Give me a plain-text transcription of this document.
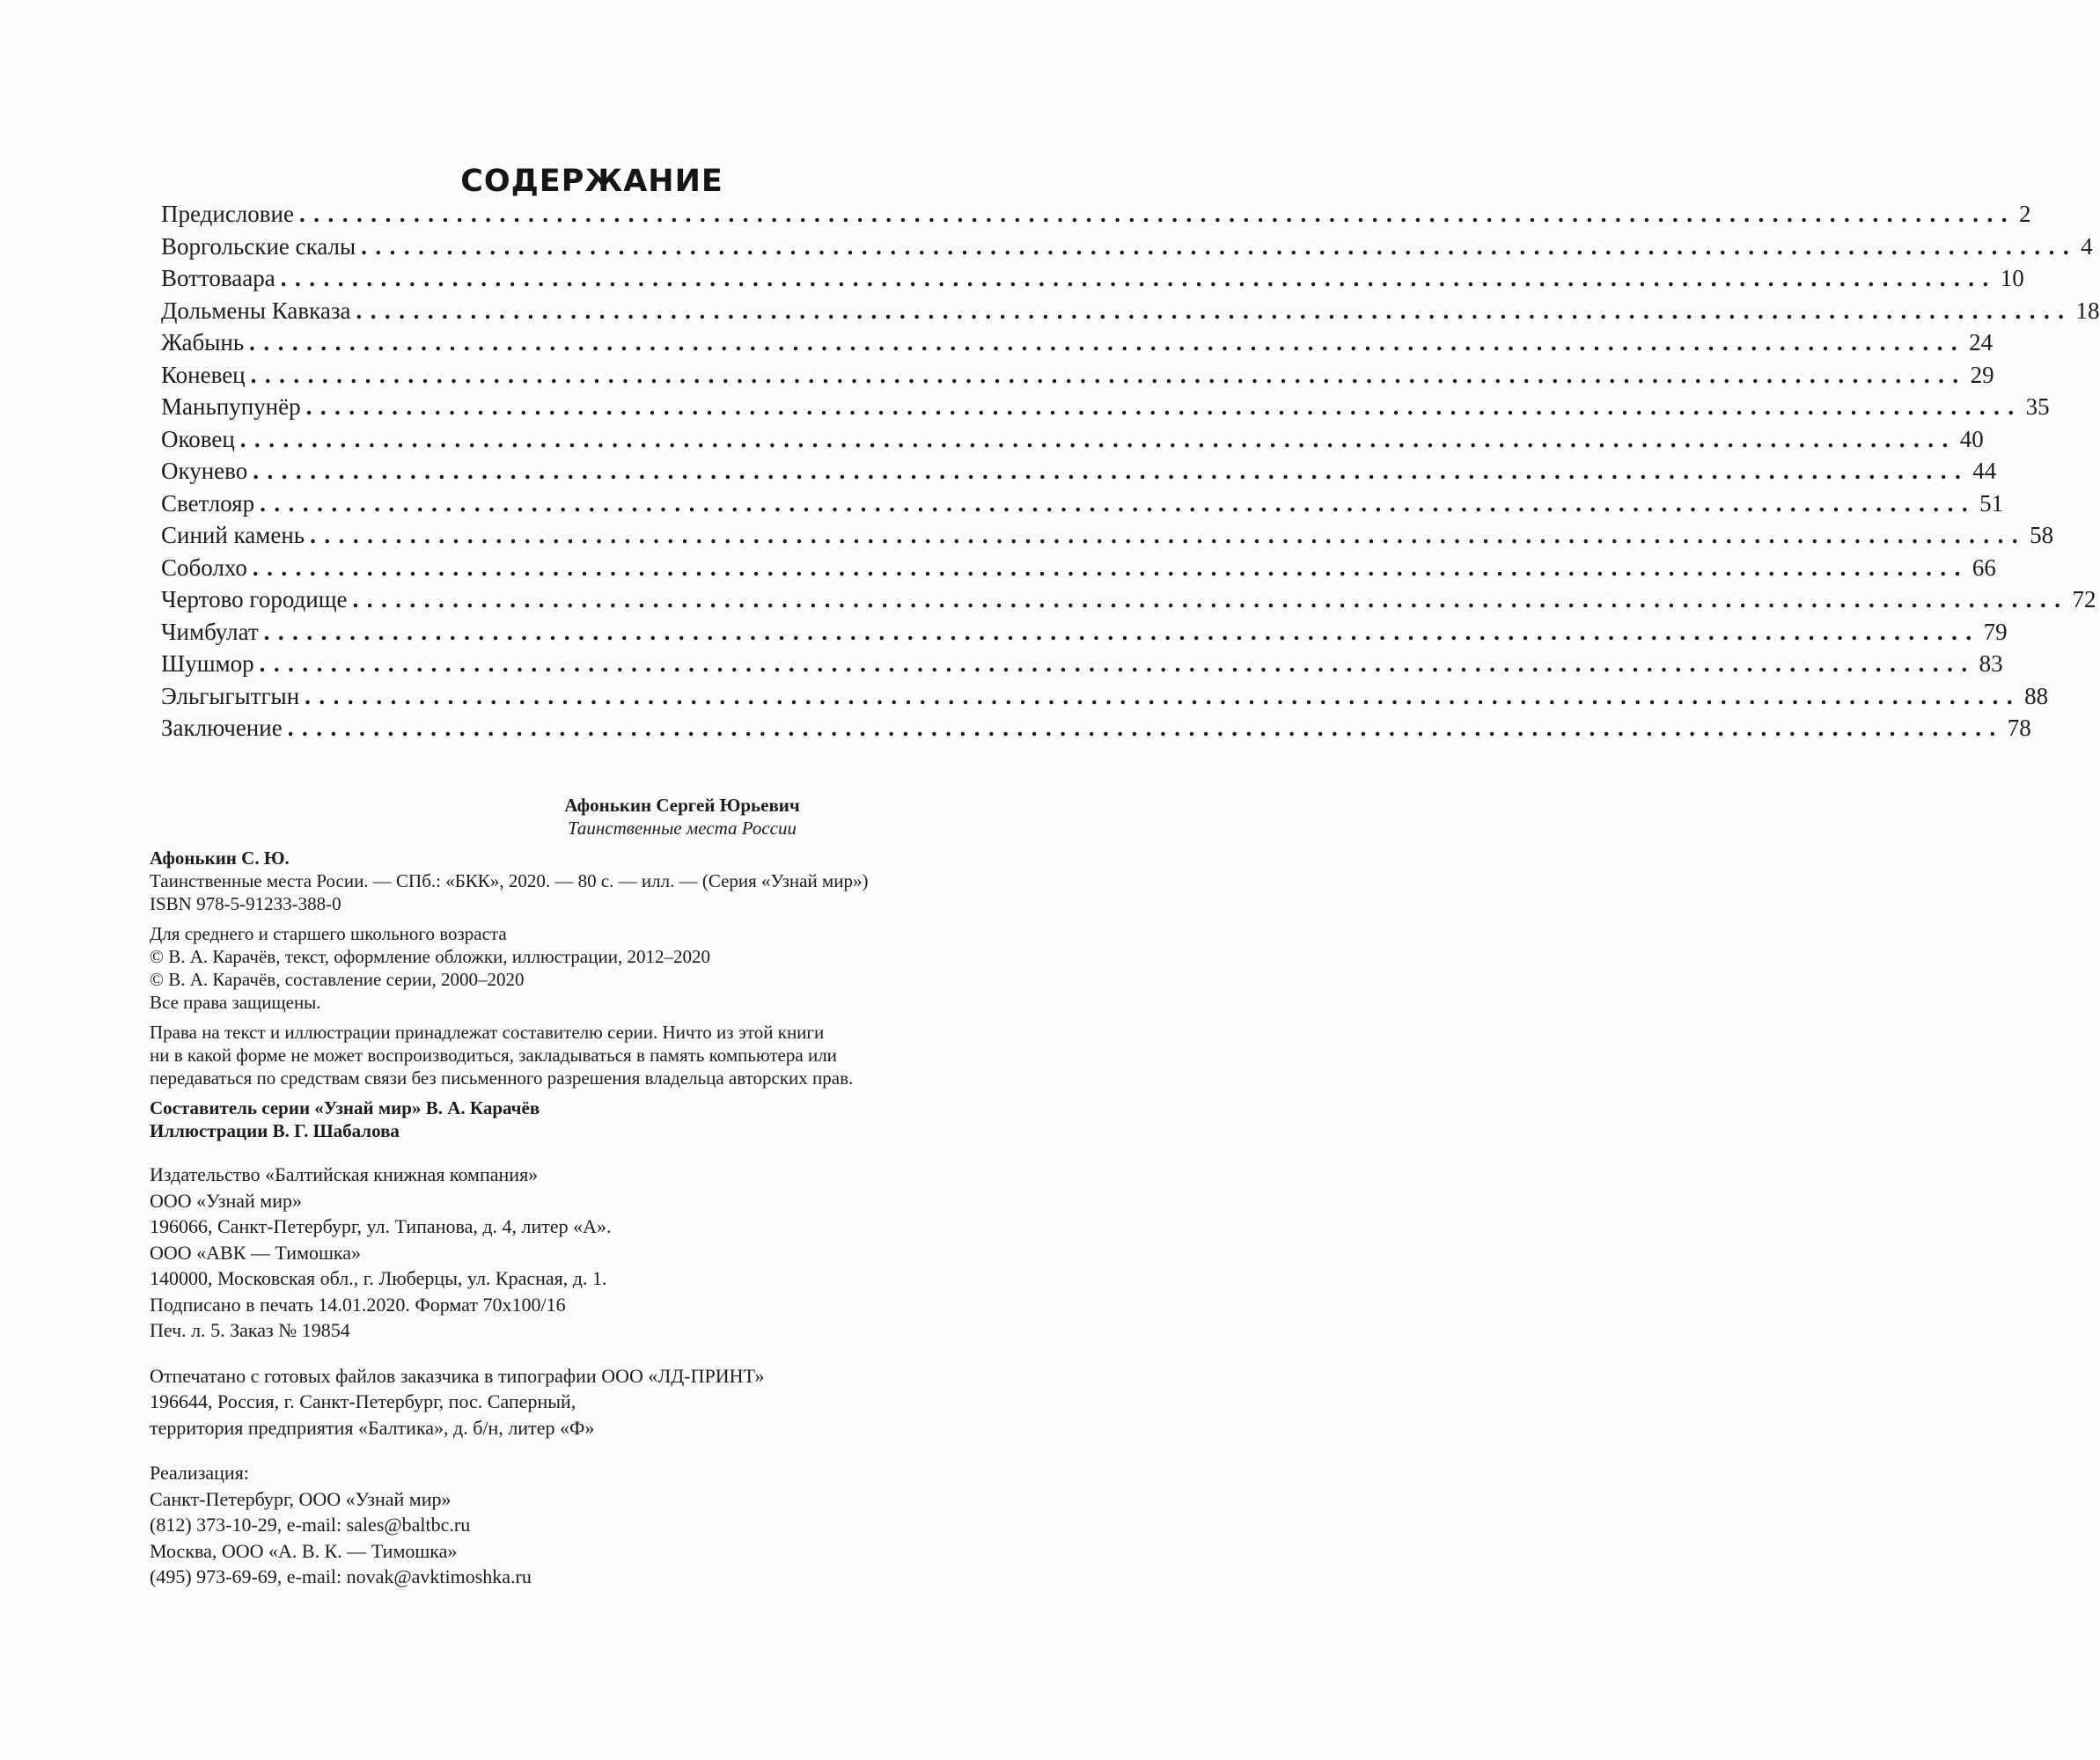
СОДЕРЖАНИЕ
Предисловие ........................................................................................................................ 2
Воргольские скалы ........................................................................................................................ 4
Воттоваара ........................................................................................................................ 10
Дольмены Кавказа ........................................................................................................................ 18
Жабынь ........................................................................................................................ 24
Коневец ........................................................................................................................ 29
Маньпупунёр ........................................................................................................................ 35
Оковец ........................................................................................................................ 40
Окунево ........................................................................................................................ 44
Светлояр ........................................................................................................................ 51
Синий камень ........................................................................................................................ 58
Соболхо ........................................................................................................................ 66
Чертово городище ........................................................................................................................ 72
Чимбулат ........................................................................................................................ 79
Шушмор ........................................................................................................................ 83
Эльгыгытгын ........................................................................................................................ 88
Заключение ........................................................................................................................ 78
Афонькин Сергей Юрьевич
Таинственные места России
Афонькин С. Ю.
Таинственные места Росии. — СПб.: «БКК», 2020. — 80 с. — илл. — (Серия «Узнай мир»)
ISBN 978-5-91233-388-0
Для среднего и старшего школьного возраста
© В. А. Карачёв, текст, оформление обложки, иллюстрации, 2012–2020
© В. А. Карачёв, составление серии, 2000–2020
Все права защищены.
Права на текст и иллюстрации принадлежат составителю серии. Ничто из этой книги
ни в какой форме не может воспроизводиться, закладываться в память компьютера или
передаваться по средствам связи без письменного разрешения владельца авторских прав.
Составитель серии «Узнай мир» В. А. Карачёв
Иллюстрации В. Г. Шабалова
Издательство «Балтийская книжная компания»
ООО «Узнай мир»
196066, Санкт-Петербург, ул. Типанова, д. 4, литер «А».
ООО «АВК — Тимошка»
140000, Московская обл., г. Люберцы, ул. Красная, д. 1.
Подписано в печать 14.01.2020. Формат 70x100/16
Печ. л. 5. Заказ № 19854
Отпечатано с готовых файлов заказчика в типографии ООО «ЛД-ПРИНТ»
196644, Россия, г. Санкт-Петербург, пос. Саперный,
территория предприятия «Балтика», д. б/н, литер «Ф»
Реализация:
Санкт-Петербург, ООО «Узнай мир»
(812) 373-10-29, e-mail: sales@baltbc.ru
Москва, ООО «А. В. К. — Тимошка»
(495) 973-69-69, e-mail: novak@avktimoshka.ru
